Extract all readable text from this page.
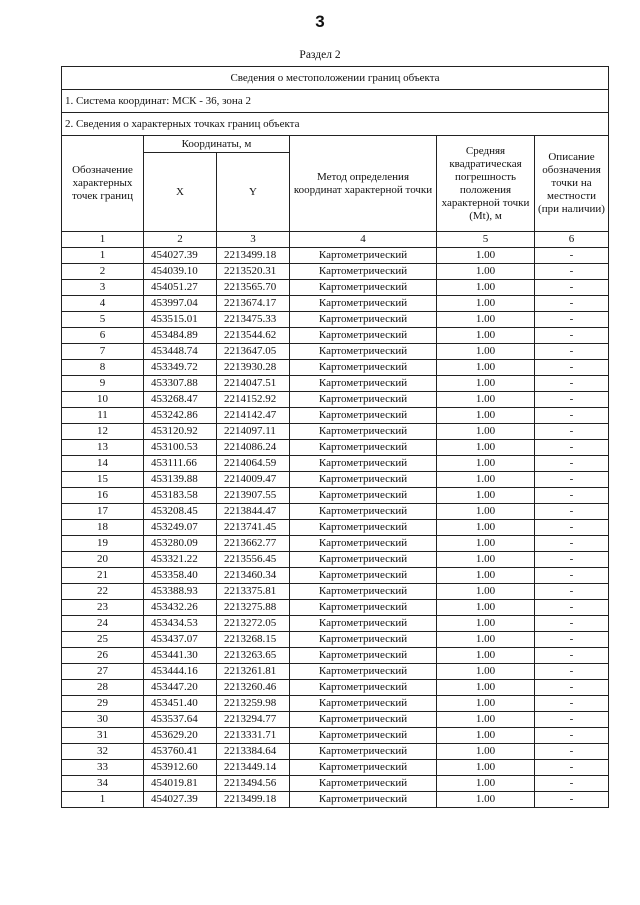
3
Раздел 2
Сведения о местоположении границ объекта					
1. Система координат: МСК - 36, зона 2					
2. Сведения о характерных точках границ объекта					
Обозначение характерных точек границ	Координаты, м		Метод определения координат характерной точки	Средняя квадратическая погрешность положения характерной точки (Mt), м	Описание обозначения точки на местности (при наличии)
	X	Y			
1	2	3	4	5	6
1	454027.39	2213499.18	Картометрический	1.00	-
2	454039.10	2213520.31	Картометрический	1.00	-
3	454051.27	2213565.70	Картометрический	1.00	-
4	453997.04	2213674.17	Картометрический	1.00	-
5	453515.01	2213475.33	Картометрический	1.00	-
6	453484.89	2213544.62	Картометрический	1.00	-
7	453448.74	2213647.05	Картометрический	1.00	-
8	453349.72	2213930.28	Картометрический	1.00	-
9	453307.88	2214047.51	Картометрический	1.00	-
10	453268.47	2214152.92	Картометрический	1.00	-
11	453242.86	2214142.47	Картометрический	1.00	-
12	453120.92	2214097.11	Картометрический	1.00	-
13	453100.53	2214086.24	Картометрический	1.00	-
14	453111.66	2214064.59	Картометрический	1.00	-
15	453139.88	2214009.47	Картометрический	1.00	-
16	453183.58	2213907.55	Картометрический	1.00	-
17	453208.45	2213844.47	Картометрический	1.00	-
18	453249.07	2213741.45	Картометрический	1.00	-
19	453280.09	2213662.77	Картометрический	1.00	-
20	453321.22	2213556.45	Картометрический	1.00	-
21	453358.40	2213460.34	Картометрический	1.00	-
22	453388.93	2213375.81	Картометрический	1.00	-
23	453432.26	2213275.88	Картометрический	1.00	-
24	453434.53	2213272.05	Картометрический	1.00	-
25	453437.07	2213268.15	Картометрический	1.00	-
26	453441.30	2213263.65	Картометрический	1.00	-
27	453444.16	2213261.81	Картометрический	1.00	-
28	453447.20	2213260.46	Картометрический	1.00	-
29	453451.40	2213259.98	Картометрический	1.00	-
30	453537.64	2213294.77	Картометрический	1.00	-
31	453629.20	2213331.71	Картометрический	1.00	-
32	453760.41	2213384.64	Картометрический	1.00	-
33	453912.60	2213449.14	Картометрический	1.00	-
34	454019.81	2213494.56	Картометрический	1.00	-
1	454027.39	2213499.18	Картометрический	1.00	-
